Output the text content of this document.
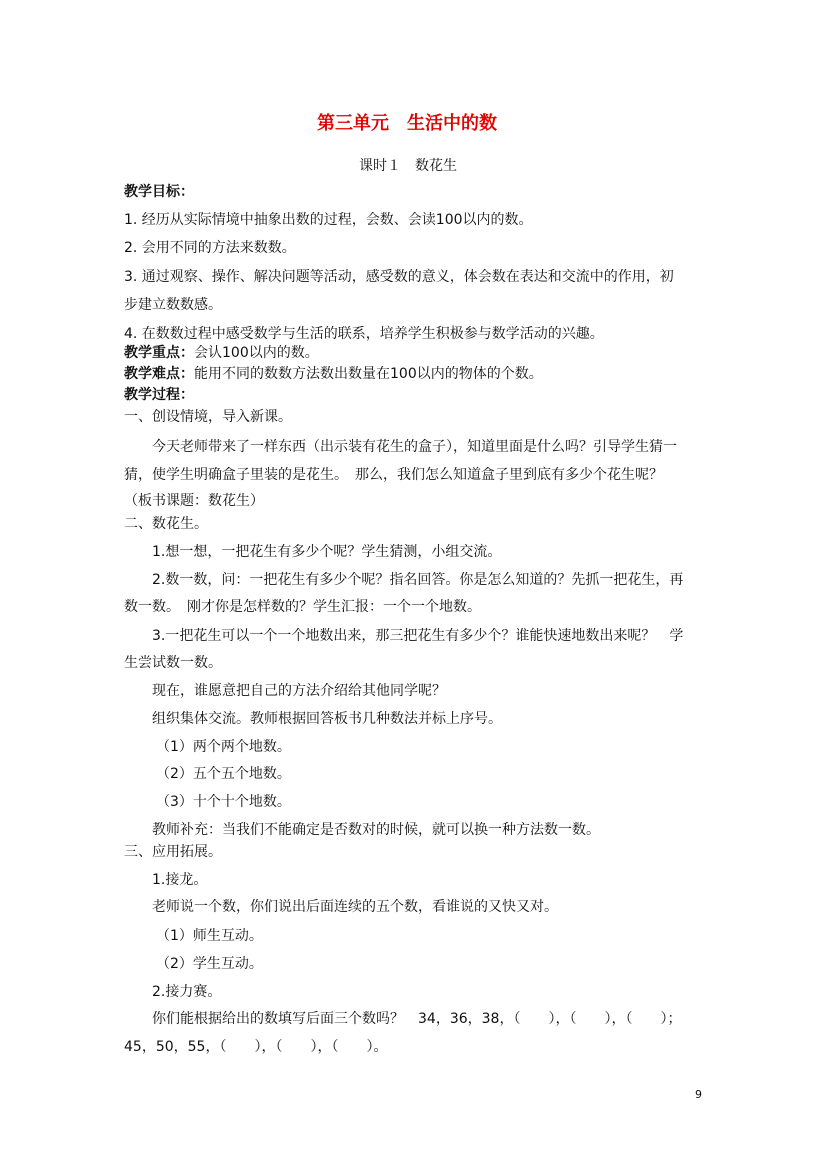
第三单元　生活中的数
课时１　数花生
教学目标：
1. 经历从实际情境中抽象出数的过程，会数、会读100以内的数。
2. 会用不同的方法来数数。
3. 通过观察、操作、解决问题等活动，感受数的意义，体会数在表达和交流中的作用，初
步建立数数感。
4. 在数数过程中感受数学与生活的联系，培养学生积极参与数学活动的兴趣。
教学重点：会认100以内的数。
教学难点：能用不同的数数方法数出数量在100以内的物体的个数。
教学过程：
一、创设情境，导入新课。
今天老师带来了一样东西（出示装有花生的盒子），知道里面是什么吗？引导学生猜一
猜，使学生明确盒子里装的是花生。　那么，我们怎么知道盒子里到底有多少个花生呢？
（板书课题：数花生）
二、数花生。
1.想一想，一把花生有多少个呢？学生猜测，小组交流。
2.数一数，问：一把花生有多少个呢？指名回答。你是怎么知道的？先抓一把花生，再
数一数。　刚才你是怎样数的？学生汇报：一个一个地数。
3.一把花生可以一个一个地数出来，那三把花生有多少个？谁能快速地数出来呢？　学
生尝试数一数。
现在，谁愿意把自己的方法介绍给其他同学呢？
组织集体交流。教师根据回答板书几种数法并标上序号。
（1）两个两个地数。
（2）五个五个地数。
（3）十个十个地数。
教师补充：当我们不能确定是否数对的时候，就可以换一种方法数一数。
三、应用拓展。
1.接龙。
老师说一个数，你们说出后面连续的五个数，看谁说的又快又对。
（1）师生互动。
（2）学生互动。
2.接力赛。
你们能根据给出的数填写后面三个数吗？　34，36，38，（　　），（　　），（　　）；
45，50，55，（　　），（　　），（　　）。
9
